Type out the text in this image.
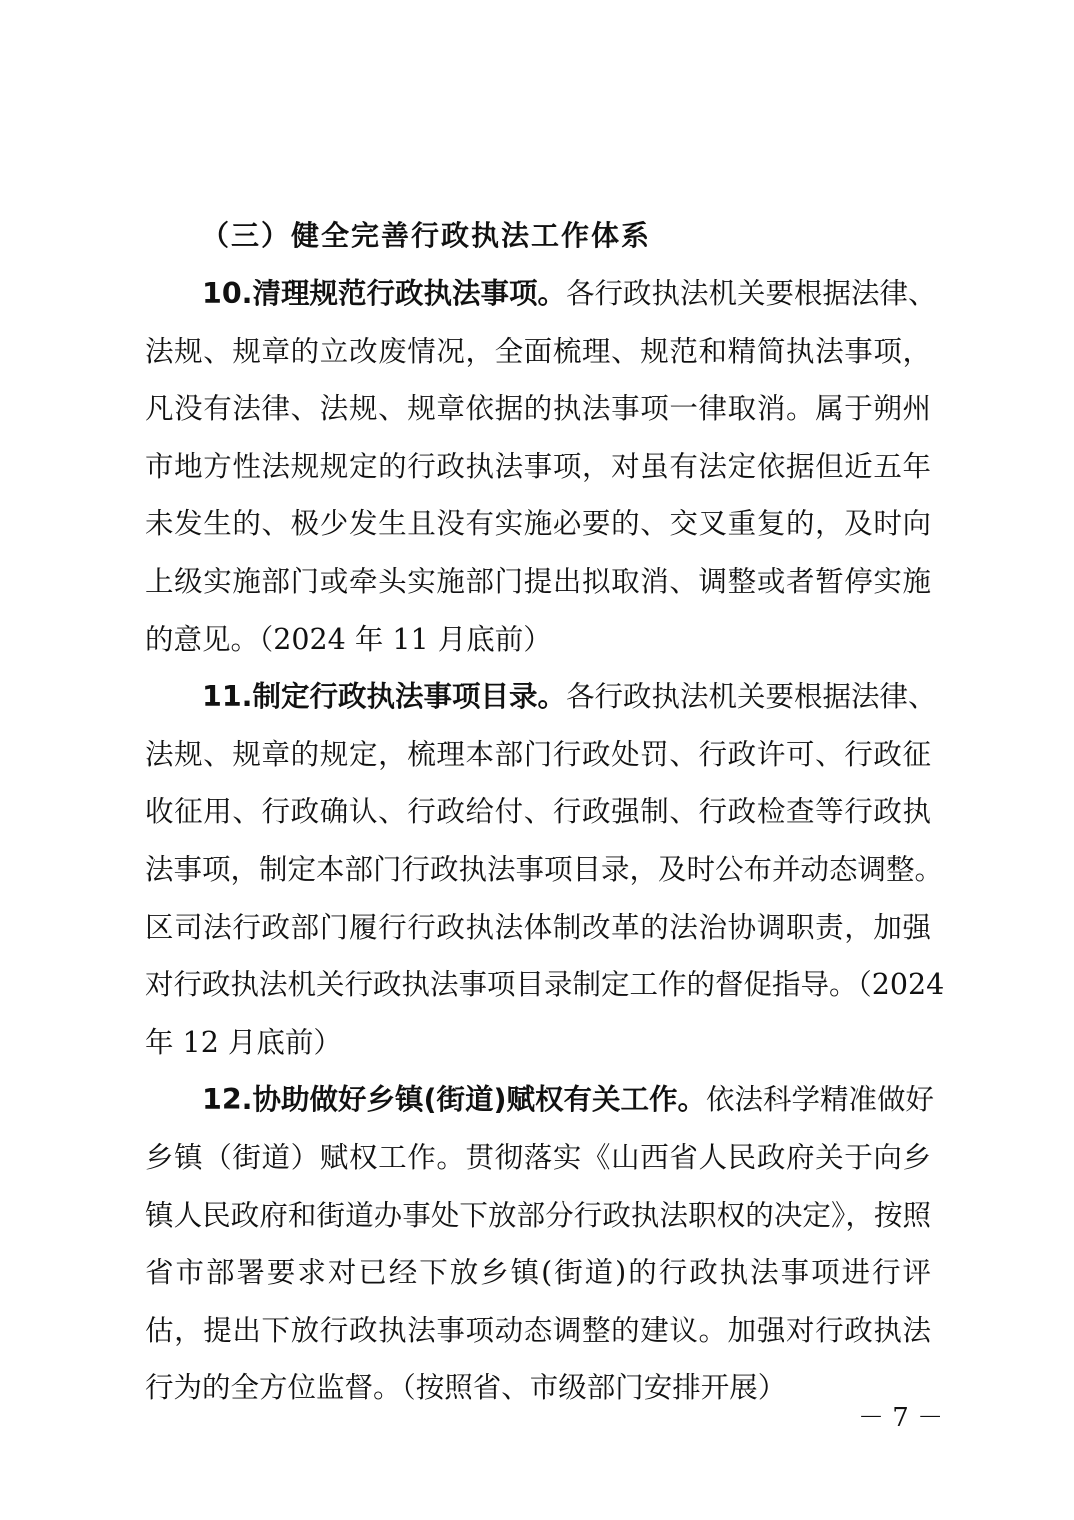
（三）健全完善行政执法工作体系
10.清理规范行政执法事项。各行政执法机关要根据法律、
法规、规章的立改废情况，全面梳理、规范和精简执法事项，
凡没有法律、法规、规章依据的执法事项一律取消。属于朔州
市地方性法规规定的行政执法事项，对虽有法定依据但近五年
未发生的、极少发生且没有实施必要的、交叉重复的，及时向
上级实施部门或牵头实施部门提出拟取消、调整或者暂停实施
的意见。（2024 年 11 月底前）
11.制定行政执法事项目录。各行政执法机关要根据法律、
法规、规章的规定，梳理本部门行政处罚、行政许可、行政征
收征用、行政确认、行政给付、行政强制、行政检查等行政执
法事项，制定本部门行政执法事项目录，及时公布并动态调整。
区司法行政部门履行行政执法体制改革的法治协调职责，加强
对行政执法机关行政执法事项目录制定工作的督促指导。（2024
年 12 月底前）
12.协助做好乡镇(街道)赋权有关工作。依法科学精准做好
乡镇（街道）赋权工作。贯彻落实《山西省人民政府关于向乡
镇人民政府和街道办事处下放部分行政执法职权的决定》，按照
省市部署要求对已经下放乡镇(街道)的行政执法事项进行评
估，提出下放行政执法事项动态调整的建议。加强对行政执法
行为的全方位监督。（按照省、市级部门安排开展）
－ 7 －
